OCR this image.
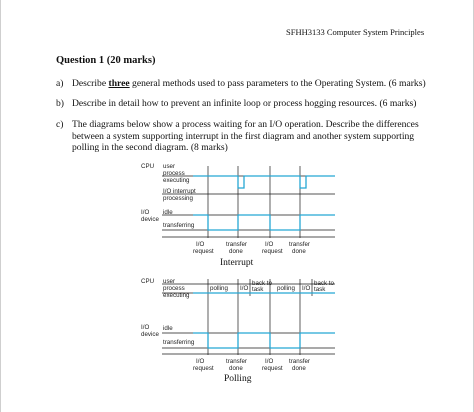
SFHH3133 Computer System Principles
Question 1 (20 marks)
a) Describe three general methods used to pass parameters to the Operating System. (6 marks)
b) Describe in detail how to prevent an infinite loop or process hogging resources. (6 marks)
c) The diagrams below show a process waiting for an I/O operation. Describe the differences between a system supporting interrupt in the first diagram and another system supporting polling in the second diagram. (8 marks)
CPU user
process
executing
I/O interrupt
processing
I/O
device
idle
transferring
I/O
request
transfer
done
I/O
request
transfer
done
Interrupt
CPU user
process
executing
polling I/O
back to
task polling I/O
back to
task
I/O
device
idle
transferring
I/O
request
transfer
done
I/O
request
transfer
done
Polling
